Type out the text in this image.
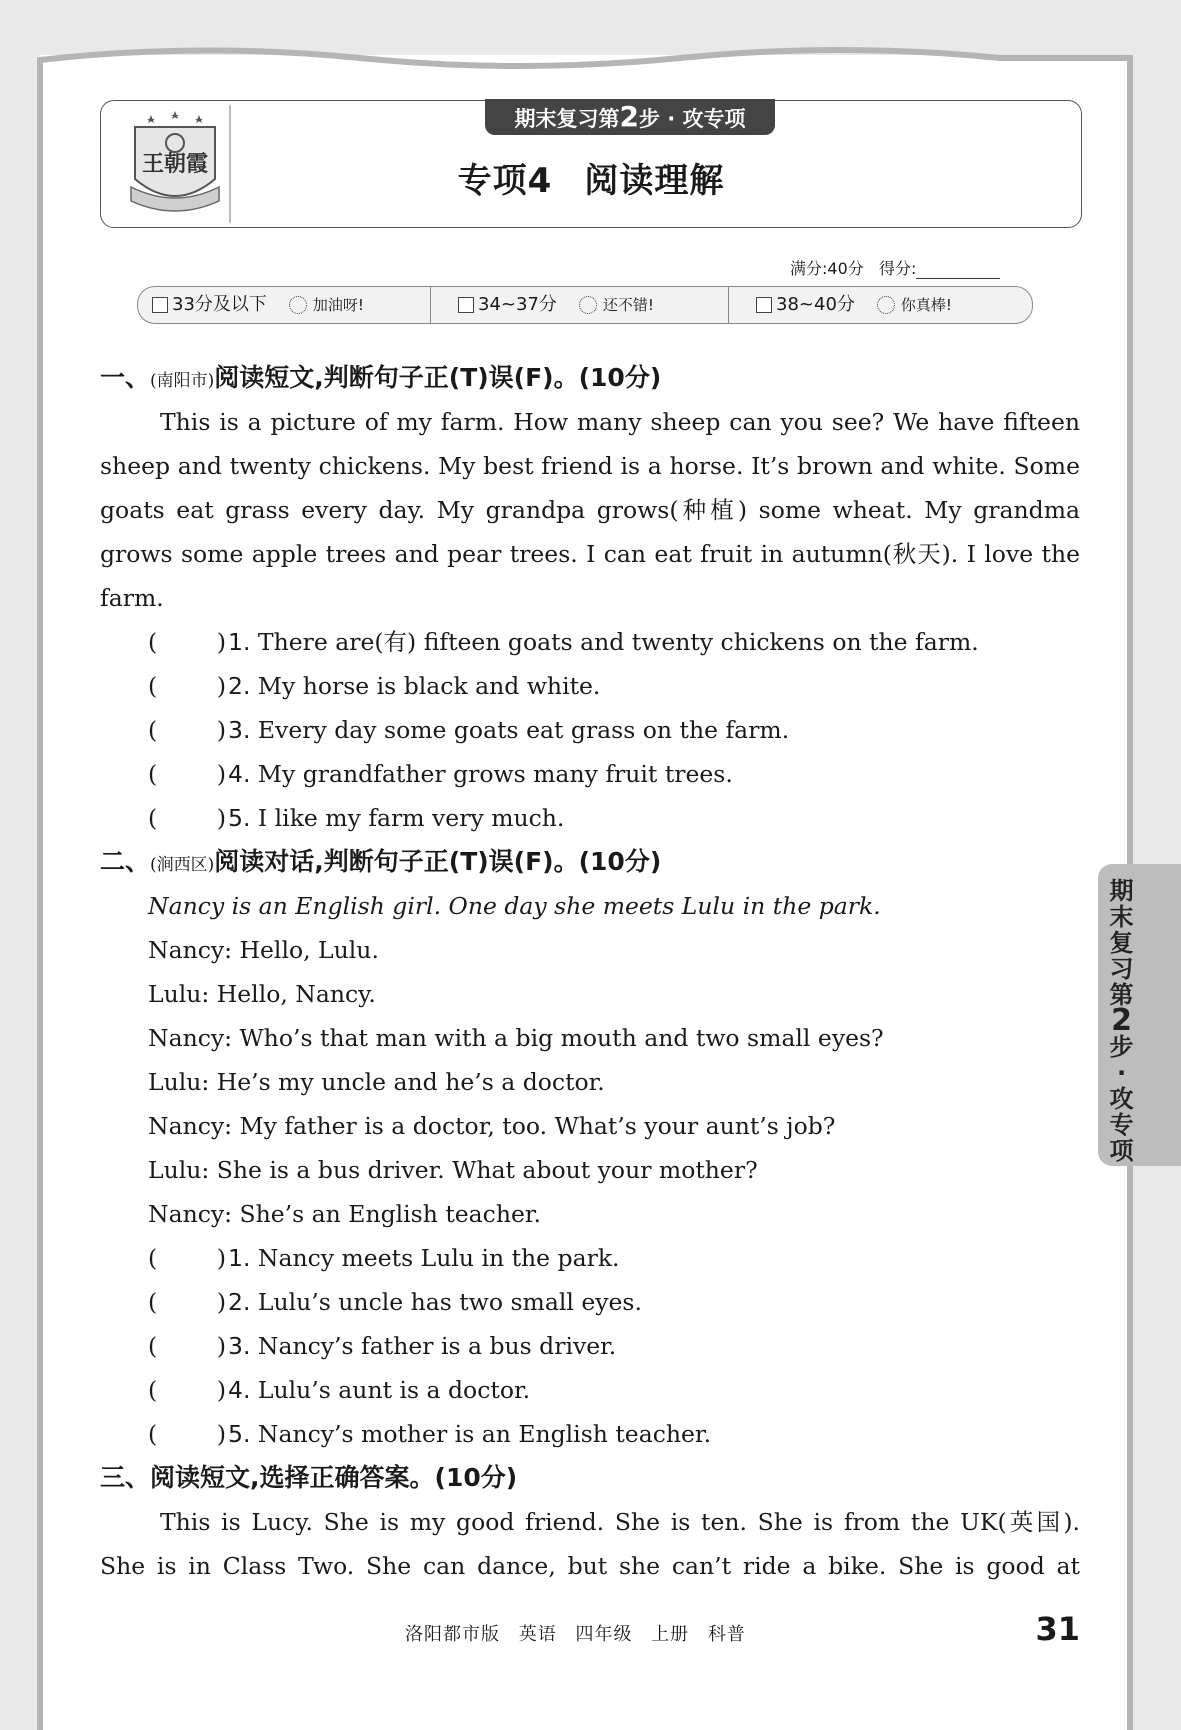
王朝霞
期末复习第2步 · 攻专项
专项4 阅读理解
满分:40分 得分:
33分及以下	加油呀!	34~37分	还不错!	38~40分	你真棒!
一、(南阳市)阅读短文,判断句子正(T)误(F)。(10分)
This is a picture of my farm. How many sheep can you see? We have fifteen
sheep and twenty chickens. My best friend is a horse. It’s brown and white. Some
goats eat grass every day. My grandpa grows(种植) some wheat. My grandma
grows some apple trees and pear trees. I can eat fruit in autumn(秋天). I love the
farm.
(        )1. There are(有) fifteen goats and twenty chickens on the farm.
(        )2. My horse is black and white.
(        )3. Every day some goats eat grass on the farm.
(        )4. My grandfather grows many fruit trees.
(        )5. I like my farm very much.
二、(涧西区)阅读对话,判断句子正(T)误(F)。(10分)
Nancy is an English girl. One day she meets Lulu in the park.
Nancy: Hello, Lulu.
Lulu: Hello, Nancy.
Nancy: Who’s that man with a big mouth and two small eyes?
Lulu: He’s my uncle and he’s a doctor.
Nancy: My father is a doctor, too. What’s your aunt’s job?
Lulu: She is a bus driver. What about your mother?
Nancy: She’s an English teacher.
(        )1. Nancy meets Lulu in the park.
(        )2. Lulu’s uncle has two small eyes.
(        )3. Nancy’s father is a bus driver.
(        )4. Lulu’s aunt is a doctor.
(        )5. Nancy’s mother is an English teacher.
三、阅读短文,选择正确答案。(10分)
This is Lucy. She is my good friend. She is ten. She is from the UK(英国).
She is in Class Two. She can dance, but she can’t ride a bike. She is good at
洛阳都市版 英语 四年级 上册 科普	31
期
末
复
习
第
2
步
·
攻
专
项
